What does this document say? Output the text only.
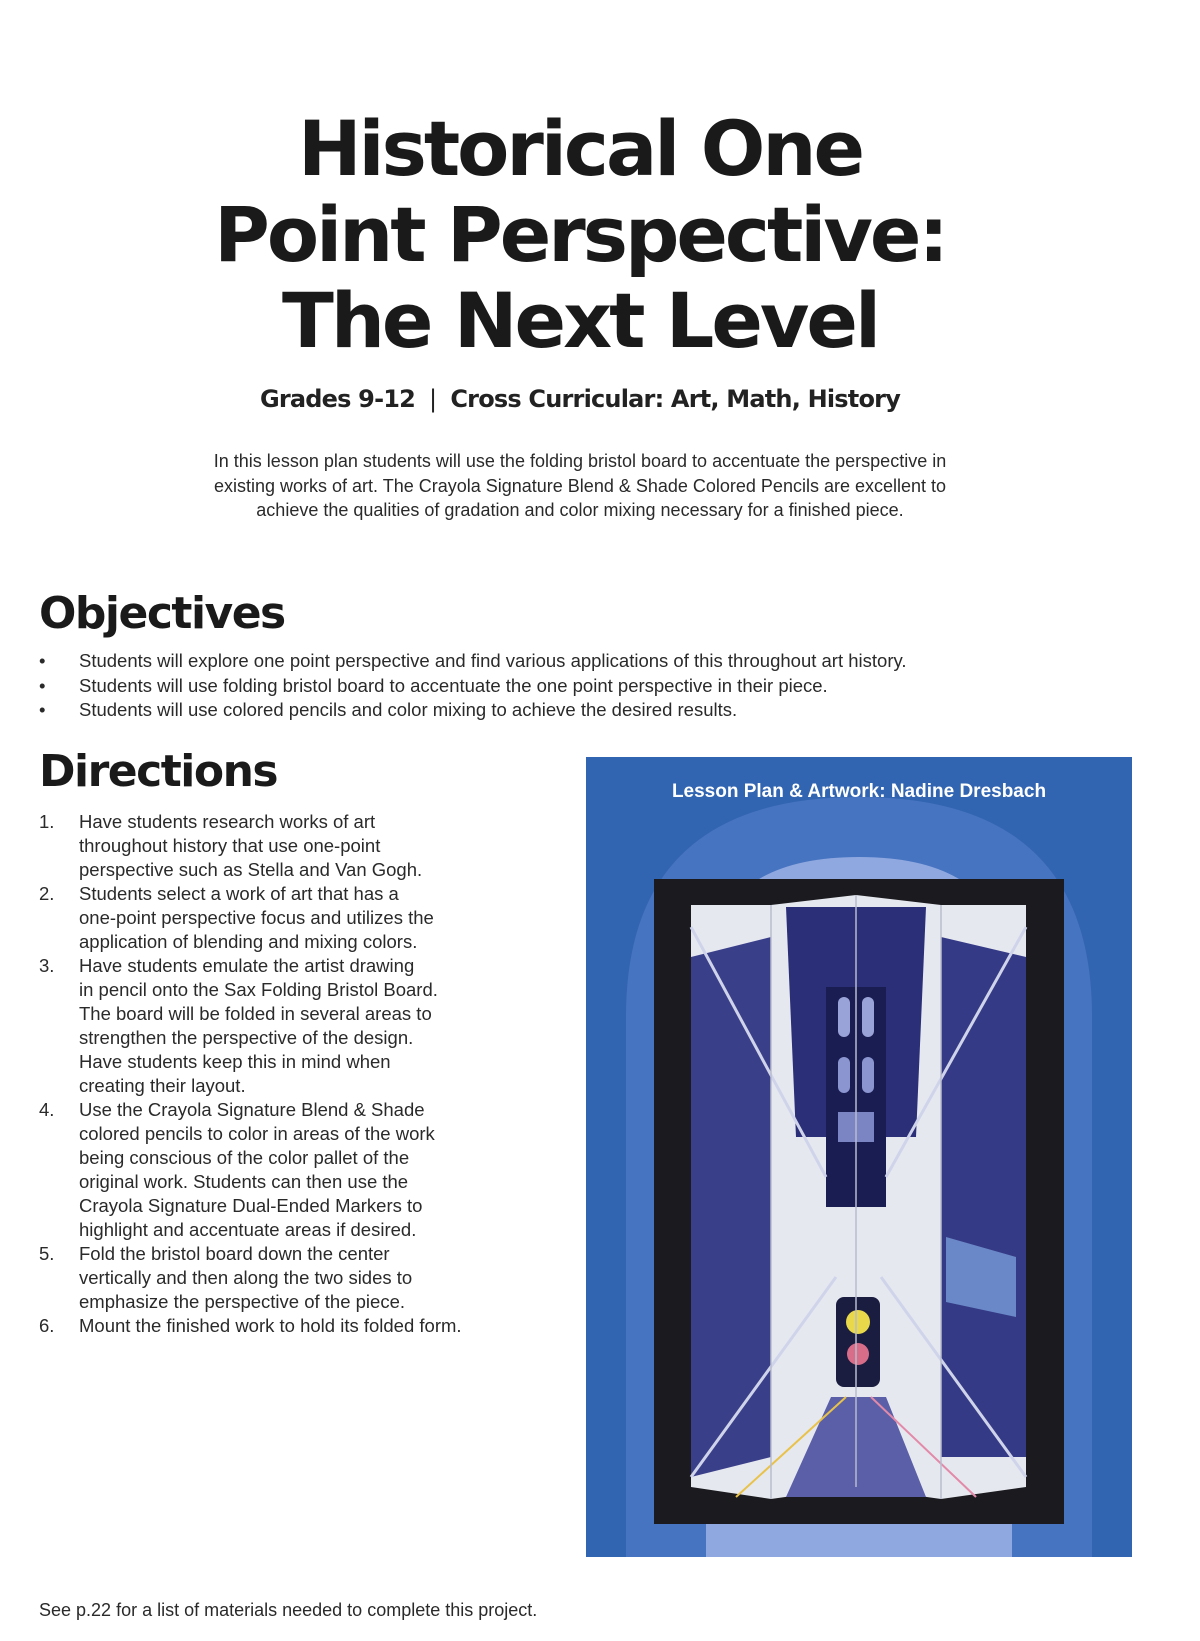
Historical One
Point Perspective:
The Next Level
Grades 9-12 | Cross Curricular: Art, Math, History
In this lesson plan students will use the folding bristol board to accentuate the perspective in
existing works of art. The Crayola Signature Blend & Shade Colored Pencils are excellent to
achieve the qualities of gradation and color mixing necessary for a finished piece.
Objectives
• Students will explore one point perspective and find various applications of this throughout art history.
• Students will use folding bristol board to accentuate the one point perspective in their piece.
• Students will use colored pencils and color mixing to achieve the desired results.
Directions
1. Have students research works of art
throughout history that use one-point
perspective such as Stella and Van Gogh.
2. Students select a work of art that has a
one-point perspective focus and utilizes the
application of blending and mixing colors.
3. Have students emulate the artist drawing
in pencil onto the Sax Folding Bristol Board.
The board will be folded in several areas to
strengthen the perspective of the design.
Have students keep this in mind when
creating their layout.
4. Use the Crayola Signature Blend & Shade
colored pencils to color in areas of the work
being conscious of the color pallet of the
original work. Students can then use the
Crayola Signature Dual-Ended Markers to
highlight and accentuate areas if desired.
5. Fold the bristol board down the center
vertically and then along the two sides to
emphasize the perspective of the piece.
6. Mount the finished work to hold its folded form.
Lesson Plan & Artwork: Nadine Dresbach
See p.22 for a list of materials needed to complete this project.
